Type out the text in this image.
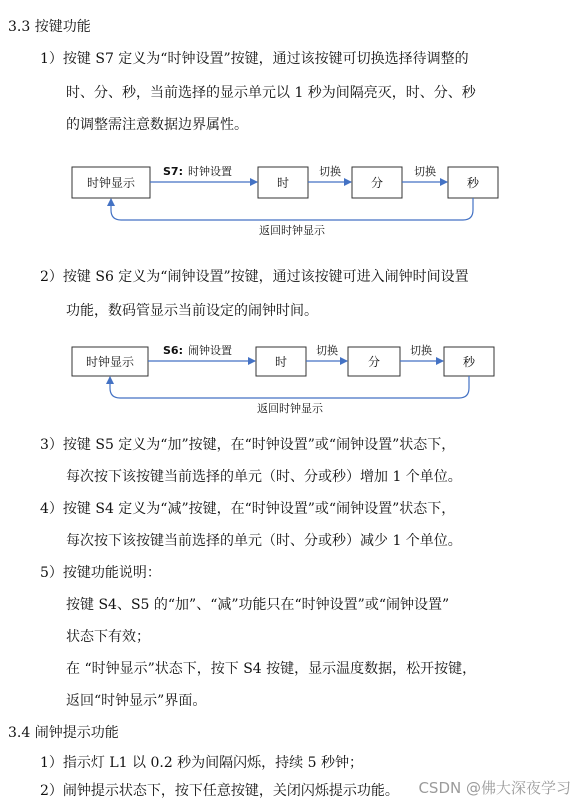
3.3 按键功能
1）按键 S7 定义为“时钟设置”按键，通过该按键可切换选择待调整的
时、分、秒，当前选择的显示单元以 1 秒为间隔亮灭，时、分、秒
的调整需注意数据边界属性。
时钟显示	时	分	秒
S7: 时钟设置	切换	切换
返回时钟显示
2）按键 S6 定义为“闹钟设置”按键，通过该按键可进入闹钟时间设置
功能，数码管显示当前设定的闹钟时间。
时钟显示	时	分	秒
S6: 闹钟设置	切换	切换
返回时钟显示
3）按键 S5 定义为“加”按键，在“时钟设置”或“闹钟设置”状态下，
每次按下该按键当前选择的单元（时、分或秒）增加 1 个单位。
4）按键 S4 定义为“减”按键，在“时钟设置”或“闹钟设置”状态下，
每次按下该按键当前选择的单元（时、分或秒）减少 1 个单位。
5）按键功能说明：
按键 S4、S5 的“加”、“减”功能只在“时钟设置”或“闹钟设置”
状态下有效；
在 “时钟显示”状态下，按下 S4 按键，显示温度数据，松开按键，
返回“时钟显示”界面。
3.4 闹钟提示功能
1）指示灯 L1 以 0.2 秒为间隔闪烁，持续 5 秒钟；
2）闹钟提示状态下，按下任意按键，关闭闪烁提示功能。 CSDN @佛大深夜学习
